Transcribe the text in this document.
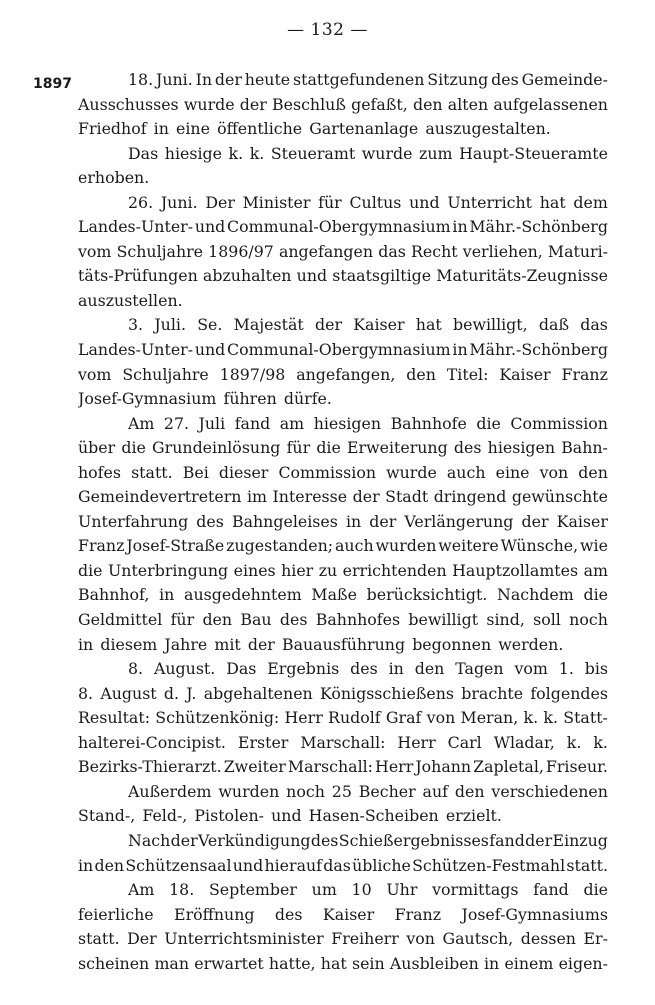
— 132 —
1897	18. Juni. In der heute stattgefundenen Sitzung des Gemeinde-
Ausschusses wurde der Beschluß gefaßt, den alten aufgelassenen
Friedhof in eine öffentliche Gartenanlage auszugestalten.
Das hiesige k. k. Steueramt wurde zum Haupt-Steueramte
erhoben.
26. Juni. Der Minister für Cultus und Unterricht hat dem
Landes-Unter- und Communal-Obergymnasium in Mähr.-Schönberg
vom Schuljahre 1896/97 angefangen das Recht verliehen, Maturi-
täts-Prüfungen abzuhalten und staatsgiltige Maturitäts-Zeugnisse
auszustellen.
3. Juli. Se. Majestät der Kaiser hat bewilligt, daß das
Landes-Unter- und Communal-Obergymnasium in Mähr.-Schönberg
vom Schuljahre 1897/98 angefangen, den Titel: Kaiser Franz
Josef-Gymnasium führen dürfe.
Am 27. Juli fand am hiesigen Bahnhofe die Commission
über die Grundeinlösung für die Erweiterung des hiesigen Bahn-
hofes statt. Bei dieser Commission wurde auch eine von den
Gemeindevertretern im Interesse der Stadt dringend gewünschte
Unterfahrung des Bahngeleises in der Verlängerung der Kaiser
Franz Josef-Straße zugestanden; auch wurden weitere Wünsche, wie
die Unterbringung eines hier zu errichtenden Hauptzollamtes am
Bahnhof, in ausgedehntem Maße berücksichtigt. Nachdem die
Geldmittel für den Bau des Bahnhofes bewilligt sind, soll noch
in diesem Jahre mit der Bauausführung begonnen werden.
8. August. Das Ergebnis des in den Tagen vom 1. bis
8. August d. J. abgehaltenen Königsschießens brachte folgendes
Resultat: Schützenkönig: Herr Rudolf Graf von Meran, k. k. Statt-
halterei-Concipist. Erster Marschall: Herr Carl Wladar, k. k.
Bezirks-Thierarzt. Zweiter Marschall: Herr Johann Zapletal, Friseur.
Außerdem wurden noch 25 Becher auf den verschiedenen
Stand-, Feld-, Pistolen- und Hasen-Scheiben erzielt.
Nach der Verkündigung des Schießergebnisses fand der Einzug
in den Schützensaal und hierauf das übliche Schützen-Festmahl statt.
Am 18. September um 10 Uhr vormittags fand die
feierliche Eröffnung des Kaiser Franz Josef-Gymnasiums
statt. Der Unterrichtsminister Freiherr von Gautsch, dessen Er-
scheinen man erwartet hatte, hat sein Ausbleiben in einem eigen-
